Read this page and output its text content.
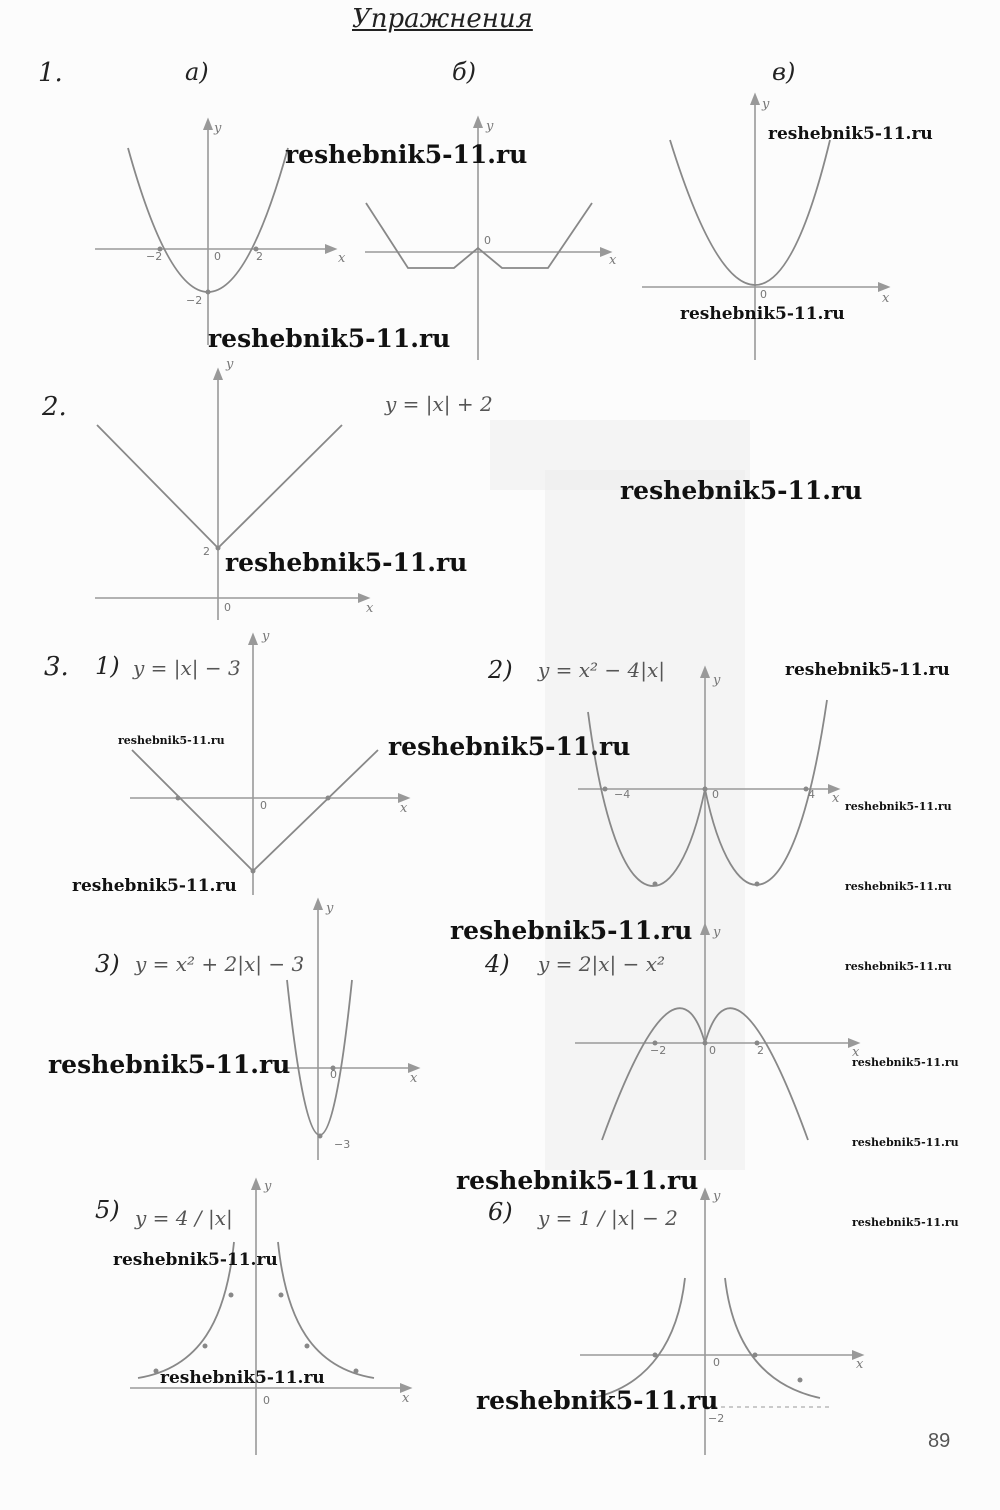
Упражнения
1.	а)	б)	в)
2.	y = |x| + 2
3. 1) y = |x| − 3	2) y = x² − 4|x|
3) y = x² + 2|x| − 3	4) y = 2|x| − x²
5) y = 4 / |x|	6) y = 1 / |x| − 2
89
x
y
x
y
x
y
x
y
x
y
x
y
x
y
x
y
x
y
x
y
−2	0	2
−2
0
0
2
0
0
−4	0	4
0
−3
−2	0	2
0
0
−2
reshebnik5-11.ru
reshebnik5-11.ru
reshebnik5-11.ru
reshebnik5-11.ru
reshebnik5-11.ru
reshebnik5-11.ru
reshebnik5-11.ru
reshebnik5-11.ru	reshebnik5-11.ru
reshebnik5-11.ru
reshebnik5-11.ru	reshebnik5-11.ru
reshebnik5-11.ru
reshebnik5-11.ru
reshebnik5-11.ru	reshebnik5-11.ru
reshebnik5-11.ru
reshebnik5-11.ru
reshebnik5-11.ru
reshebnik5-11.ru
reshebnik5-11.ru
reshebnik5-11.ru
